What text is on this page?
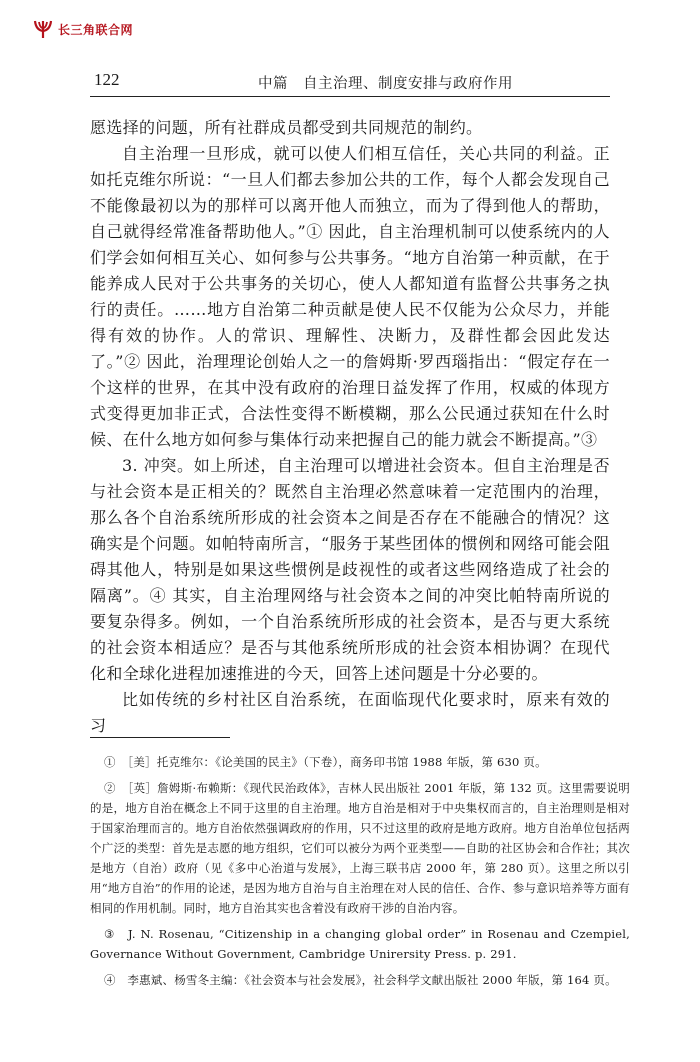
长三角联合网
122	中篇　自主治理、制度安排与政府作用

愿选择的问题，所有社群成员都受到共同规范的制约。

自主治理一旦形成，就可以使人们相互信任，关心共同的利益。正如托克维尔所说：“一旦人们都去参加公共的工作，每个人都会发现自己不能像最初以为的那样可以离开他人而独立，而为了得到他人的帮助，自己就得经常准备帮助他人。”① 因此，自主治理机制可以使系统内的人们学会如何相互关心、如何参与公共事务。“地方自治第一种贡献，在于能养成人民对于公共事务的关切心，使人人都知道有监督公共事务之执行的责任。……地方自治第二种贡献是使人民不仅能为公众尽力，并能得有效的协作。人的常识、理解性、决断力，及群性都会因此发达了。”② 因此，治理理论创始人之一的詹姆斯·罗西瑙指出：“假定存在一个这样的世界，在其中没有政府的治理日益发挥了作用，权威的体现方式变得更加非正式，合法性变得不断模糊，那么公民通过获知在什么时候、在什么地方如何参与集体行动来把握自己的能力就会不断提高。”③

3. 冲突。如上所述，自主治理可以增进社会资本。但自主治理是否与社会资本是正相关的？既然自主治理必然意味着一定范围内的治理，那么各个自治系统所形成的社会资本之间是否存在不能融合的情况？这确实是个问题。如帕特南所言，“服务于某些团体的惯例和网络可能会阻碍其他人，特别是如果这些惯例是歧视性的或者这些网络造成了社会的隔离”。④ 其实，自主治理网络与社会资本之间的冲突比帕特南所说的要复杂得多。例如，一个自治系统所形成的社会资本，是否与更大系统的社会资本相适应？是否与其他系统所形成的社会资本相协调？在现代化和全球化进程加速推进的今天，回答上述问题是十分必要的。

比如传统的乡村社区自治系统，在面临现代化要求时，原来有效的习

①　［美］托克维尔：《论美国的民主》（下卷），商务印书馆 1988 年版，第 630 页。

②　［英］詹姆斯·布赖斯：《现代民治政体》，吉林人民出版社 2001 年版，第 132 页。这里需要说明的是，地方自治在概念上不同于这里的自主治理。地方自治是相对于中央集权而言的，自主治理则是相对于国家治理而言的。地方自治依然强调政府的作用，只不过这里的政府是地方政府。地方自治单位包括两个广泛的类型：首先是志愿的地方组织，它们可以被分为两个亚类型——自助的社区协会和合作社；其次是地方（自治）政府（见《多中心治道与发展》，上海三联书店 2000 年，第 280 页）。这里之所以引用“地方自治”的作用的论述，是因为地方自治与自主治理在对人民的信任、合作、参与意识培养等方面有相同的作用机制。同时，地方自治其实也含着没有政府干涉的自治内容。

③　J. N. Rosenau, “Citizenship in a changing global order” in Rosenau and Czempiel, Governance Without Government, Cambridge Unirersity Press. p. 291.

④　李惠斌、杨雪冬主编：《社会资本与社会发展》，社会科学文献出版社 2000 年版，第 164 页。
